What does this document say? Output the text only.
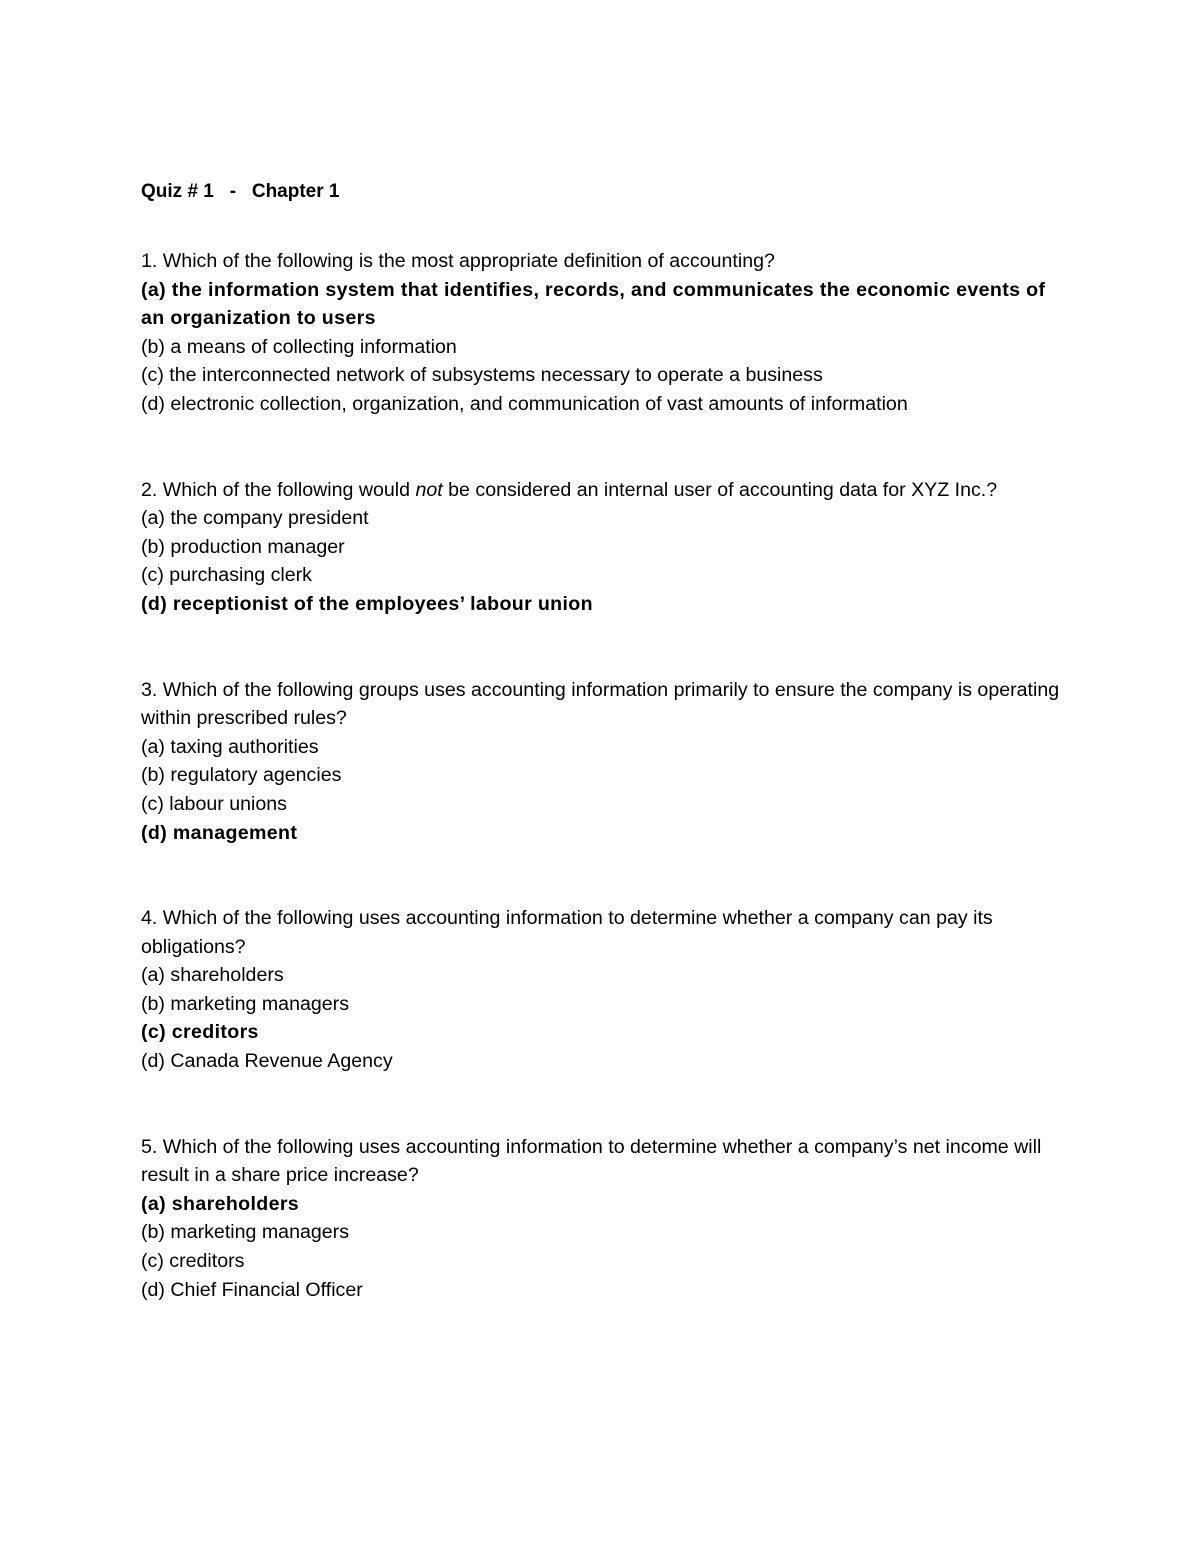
Quiz # 1   -   Chapter 1

1. Which of the following is the most appropriate definition of accounting?

(a) the information system that identifies, records, and communicates the economic events of an organization to users

(b) a means of collecting information

(c) the interconnected network of subsystems necessary to operate a business

(d) electronic collection, organization, and communication of vast amounts of information

2. Which of the following would not be considered an internal user of accounting data for XYZ Inc.?

(a) the company president

(b) production manager

(c) purchasing clerk

(d) receptionist of the employees’ labour union

3. Which of the following groups uses accounting information primarily to ensure the company is operating within prescribed rules?

(a) taxing authorities

(b) regulatory agencies

(c) labour unions

(d) management

4. Which of the following uses accounting information to determine whether a company can pay its obligations?

(a) shareholders

(b) marketing managers

(c) creditors

(d) Canada Revenue Agency

5. Which of the following uses accounting information to determine whether a company’s net income will result in a share price increase?

(a) shareholders

(b) marketing managers

(c) creditors

(d) Chief Financial Officer
